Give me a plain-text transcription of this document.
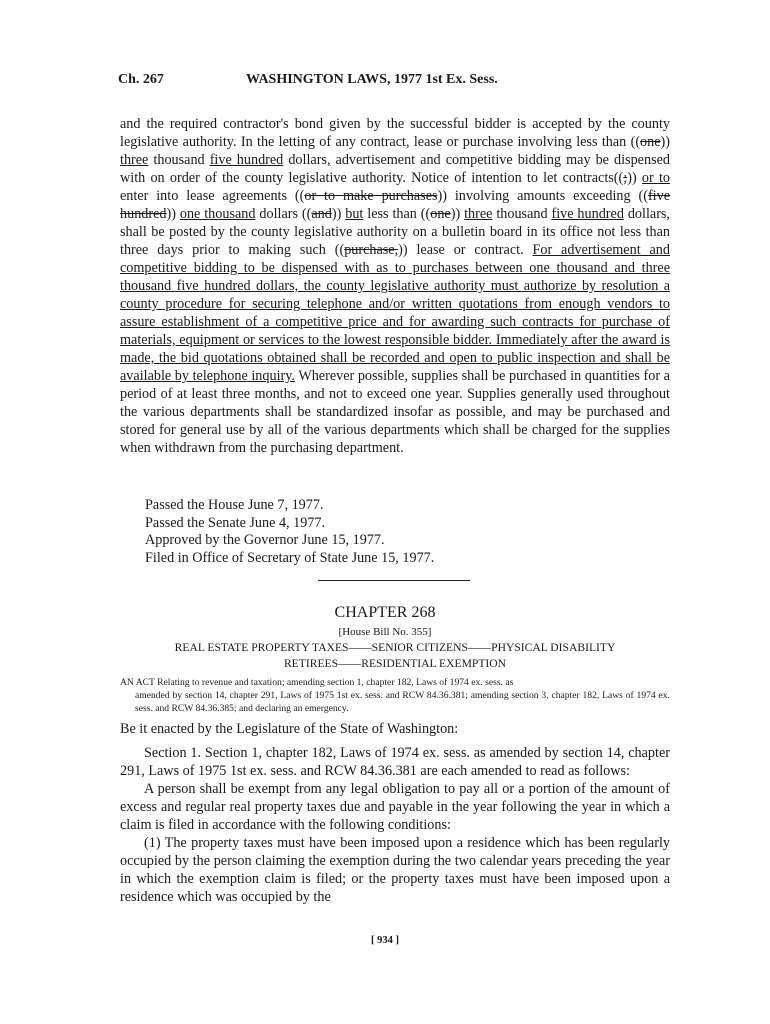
Ch. 267	WASHINGTON LAWS, 1977 1st Ex. Sess.
and the required contractor's bond given by the successful bidder is accepted by the county legislative authority. In the letting of any contract, lease or purchase involving less than ((one)) three thousand five hundred dollars, advertisement and competitive bidding may be dispensed with on order of the county legislative authority. Notice of intention to let contracts((;)) or to enter into lease agreements ((or to make purchases)) involving amounts exceeding ((five hundred)) one thousand dollars ((and)) but less than ((one)) three thousand five hundred dollars, shall be posted by the county legislative authority on a bulletin board in its office not less than three days prior to making such ((purchase,)) lease or contract. For advertisement and competitive bidding to be dispensed with as to purchases between one thousand and three thousand five hundred dollars, the county legislative authority must authorize by resolution a county procedure for securing telephone and/or written quotations from enough vendors to assure establishment of a competitive price and for awarding such contracts for purchase of materials, equipment or services to the lowest responsible bidder. Immediately after the award is made, the bid quotations obtained shall be recorded and open to public inspection and shall be available by telephone inquiry. Wherever possible, supplies shall be purchased in quantities for a period of at least three months, and not to exceed one year. Supplies generally used throughout the various departments shall be standardized insofar as possible, and may be purchased and stored for general use by all of the various departments which shall be charged for the supplies when withdrawn from the purchasing department.
Passed the House June 7, 1977.
Passed the Senate June 4, 1977.
Approved by the Governor June 15, 1977.
Filed in Office of Secretary of State June 15, 1977.
CHAPTER 268
[House Bill No. 355]
REAL ESTATE PROPERTY TAXES——SENIOR CITIZENS——PHYSICAL DISABILITY
RETIREES——RESIDENTIAL EXEMPTION
AN ACT Relating to revenue and taxation; amending section 1, chapter 182, Laws of 1974 ex. sess. as
amended by section 14, chapter 291, Laws of 1975 1st ex. sess. and RCW 84.36.381; amending section 3, chapter 182, Laws of 1974 ex. sess. and RCW 84.36.385; and declaring an emergency.
Be it enacted by the Legislature of the State of Washington:
Section 1. Section 1, chapter 182, Laws of 1974 ex. sess. as amended by section 14, chapter 291, Laws of 1975 1st ex. sess. and RCW 84.36.381 are each amended to read as follows:
A person shall be exempt from any legal obligation to pay all or a portion of the amount of excess and regular real property taxes due and payable in the year following the year in which a claim is filed in accordance with the following conditions:
(1) The property taxes must have been imposed upon a residence which has been regularly occupied by the person claiming the exemption during the two calendar years preceding the year in which the exemption claim is filed; or the property taxes must have been imposed upon a residence which was occupied by the
[ 934 ]
